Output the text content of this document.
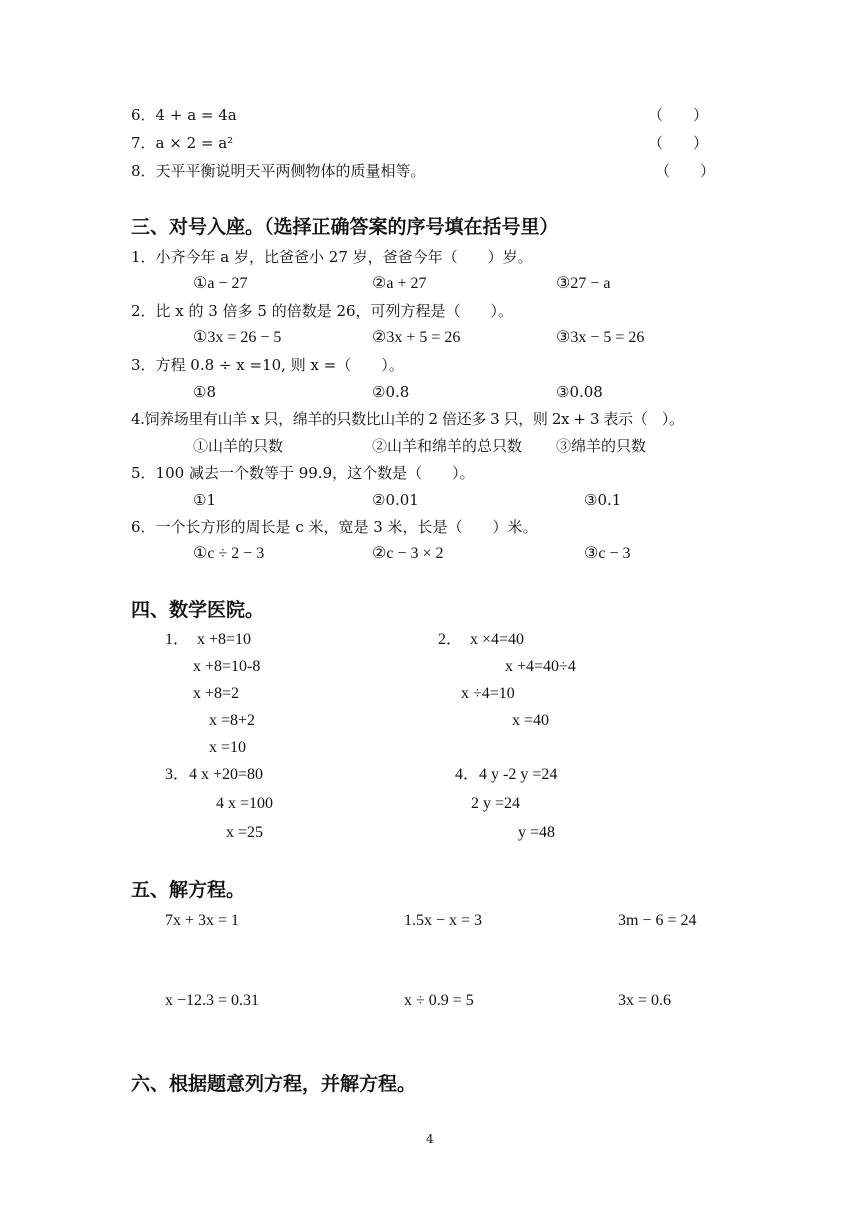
6．4 + a = 4a	（　　）
7．a × 2 = a²	（　　）
8．天平平衡说明天平两侧物体的质量相等。	（　　）
三、对号入座。（选择正确答案的序号填在括号里）
1．小齐今年 a 岁，比爸爸小 27 岁，爸爸今年（　　）岁。
①a − 27	②a + 27	③27 − a
2．比 x 的 3 倍多 5 的倍数是 26，可列方程是（　　）。
①3x = 26 − 5	②3x + 5 = 26	③3x − 5 = 26
3．方程 0.8 ÷ x =10, 则 x =（　　）。
①8	②0.8	③0.08
4.饲养场里有山羊 x 只，绵羊的只数比山羊的 2 倍还多 3 只，则 2x + 3 表示（　）。
①山羊的只数	②山羊和绵羊的总只数 ③绵羊的只数
5．100 减去一个数等于 99.9，这个数是（　　）。
①1	②0.01	③0.1
6．一个长方形的周长是 c 米，宽是 3 米，长是（　　）米。
①c ÷ 2 − 3	②c − 3 × 2	③c − 3
四、数学医院。
1．　x +8=10
x +8=10-8
x +8=2
x =8+2
x =10
2．　x ×4=40
x +4=40÷4
x ÷4=10
x =40
3．4 x +20=80
4 x =100
x =25
4．4 y -2 y =24
2 y =24
y =48
五、解方程。
7x + 3x = 1	1.5x − x = 3	3m − 6 = 24
x −12.3 = 0.31	x ÷ 0.9 = 5	3x = 0.6
六、根据题意列方程，并解方程。
4
